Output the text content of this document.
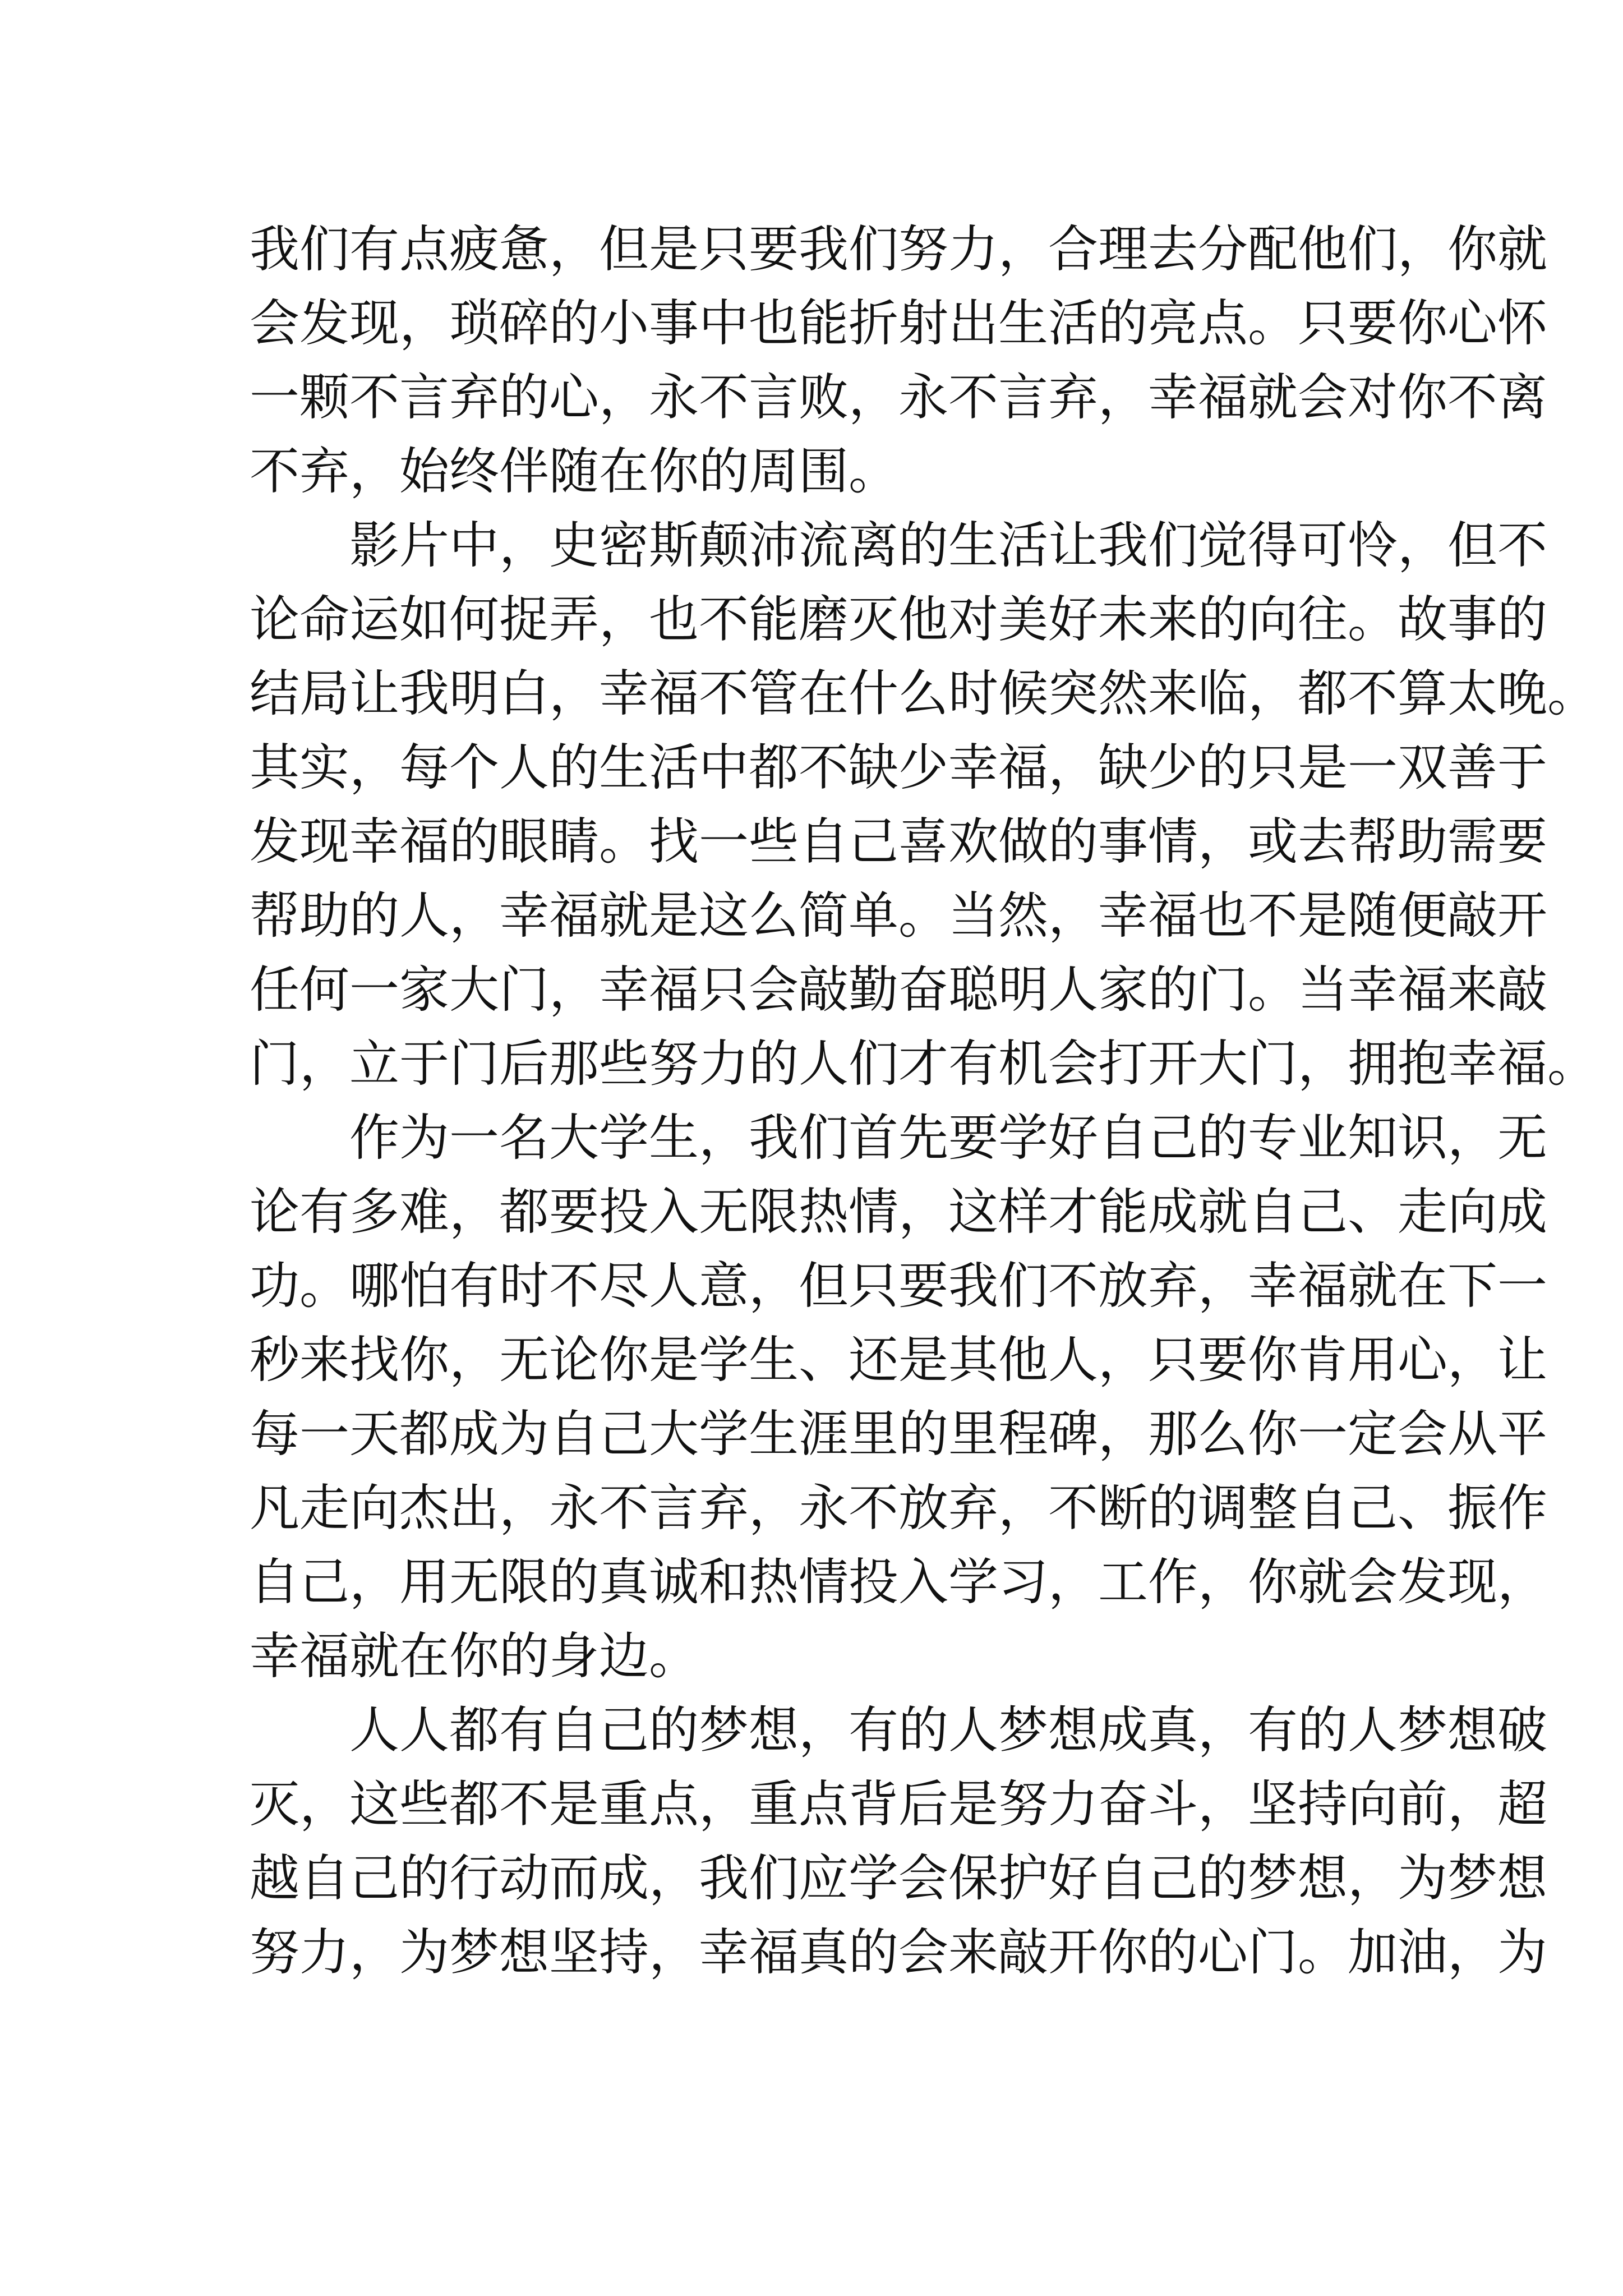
我们有点疲惫，但是只要我们努力，合理去分配他们，你就
会发现，琐碎的小事中也能折射出生活的亮点。只要你心怀
一颗不言弃的心，永不言败，永不言弃，幸福就会对你不离
不弃，始终伴随在你的周围。
影片中，史密斯颠沛流离的生活让我们觉得可怜，但不
论命运如何捉弄，也不能磨灭他对美好未来的向往。故事的
结局让我明白，幸福不管在什么时候突然来临，都不算太晚。
其实，每个人的生活中都不缺少幸福，缺少的只是一双善于
发现幸福的眼睛。找一些自己喜欢做的事情，或去帮助需要
帮助的人，幸福就是这么简单。当然，幸福也不是随便敲开
任何一家大门，幸福只会敲勤奋聪明人家的门。当幸福来敲
门，立于门后那些努力的人们才有机会打开大门，拥抱幸福。
作为一名大学生，我们首先要学好自己的专业知识，无
论有多难，都要投入无限热情，这样才能成就自己、走向成
功。哪怕有时不尽人意，但只要我们不放弃，幸福就在下一
秒来找你，无论你是学生、还是其他人，只要你肯用心，让
每一天都成为自己大学生涯里的里程碑，那么你一定会从平
凡走向杰出，永不言弃，永不放弃，不断的调整自己、振作
自己，用无限的真诚和热情投入学习，工作，你就会发现，
幸福就在你的身边。
人人都有自己的梦想，有的人梦想成真，有的人梦想破
灭，这些都不是重点，重点背后是努力奋斗，坚持向前，超
越自己的行动而成，我们应学会保护好自己的梦想，为梦想
努力，为梦想坚持，幸福真的会来敲开你的心门。加油，为
